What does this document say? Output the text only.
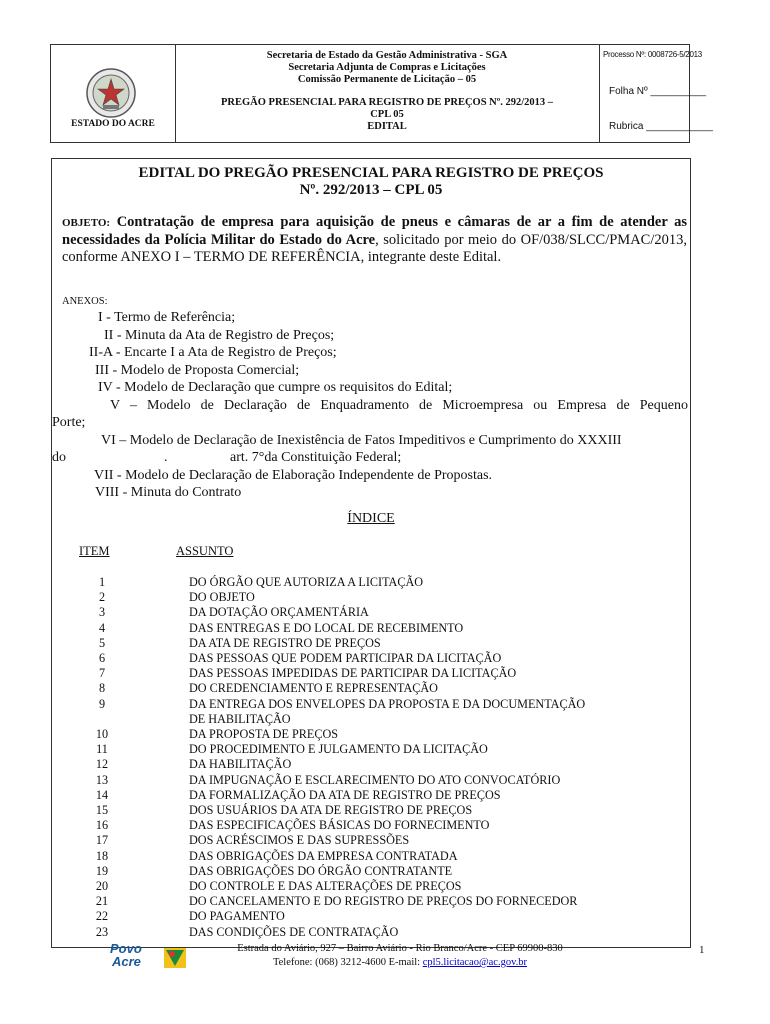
ESTADO DO ACRE
Secretaria de Estado da Gestão Administrativa - SGA
Secretaria Adjunta de Compras e Licitações
Comissão Permanente de Licitação – 05
PREGÃO PRESENCIAL PARA REGISTRO DE PREÇOS Nº. 292/2013 –
CPL 05
EDITAL
Processo Nº: 0008726-5/2013
Folha Nº __________
Rubrica ____________
EDITAL DO PREGÃO PRESENCIAL PARA REGISTRO DE PREÇOS
Nº. 292/2013 – CPL 05
OBJETO: Contratação de empresa para aquisição de pneus e câmaras de ar a fim de atender as necessidades da Polícia Militar do Estado do Acre, solicitado por meio do OF/038/SLCC/PMAC/2013, conforme ANEXO I – TERMO DE REFERÊNCIA, integrante deste Edital.
ANEXOS:
I - Termo de Referência;
II - Minuta da Ata de Registro de Preços;
II-A - Encarte I a Ata de Registro de Preços;
III - Modelo de Proposta Comercial;
IV - Modelo de Declaração que cumpre os requisitos do Edital;
V – Modelo de Declaração de Enquadramento de Microempresa ou Empresa de Pequeno
Porte;
VI – Modelo de Declaração de Inexistência de Fatos Impeditivos e Cumprimento do XXXIII
do	.	art. 7°da Constituição Federal;
VII - Modelo de Declaração de Elaboração Independente de Propostas.
VIII - Minuta do Contrato
ÍNDICE
ITEM	ASSUNTO
1	DO ÓRGÃO QUE AUTORIZA A LICITAÇÃO
2	DO OBJETO
3	DA DOTAÇÃO ORÇAMENTÁRIA
4	DAS ENTREGAS E DO LOCAL DE RECEBIMENTO
5	DA ATA DE REGISTRO DE PREÇOS
6	DAS PESSOAS QUE PODEM PARTICIPAR DA LICITAÇÃO
7	DAS PESSOAS IMPEDIDAS DE PARTICIPAR DA LICITAÇÃO
8	DO CREDENCIAMENTO E REPRESENTAÇÃO
9	DA ENTREGA DOS ENVELOPES DA PROPOSTA E DA DOCUMENTAÇÃO
DE HABILITAÇÃO
10	DA PROPOSTA DE PREÇOS
11	DO PROCEDIMENTO E JULGAMENTO DA LICITAÇÃO
12	DA HABILITAÇÃO
13	DA IMPUGNAÇÃO E ESCLARECIMENTO DO ATO CONVOCATÓRIO
14	DA FORMALIZAÇÃO DA ATA DE REGISTRO DE PREÇOS
15	DOS USUÁRIOS DA ATA DE REGISTRO DE PREÇOS
16	DAS ESPECIFICAÇÕES BÁSICAS DO FORNECIMENTO
17	DOS ACRÉSCIMOS E DAS SUPRESSÕES
18	DAS OBRIGAÇÕES DA EMPRESA CONTRATADA
19	DAS OBRIGAÇÕES DO ÓRGÃO CONTRATANTE
20	DO CONTROLE E DAS ALTERAÇÕES DE PREÇOS
21	DO CANCELAMENTO E DO REGISTRO DE PREÇOS DO FORNECEDOR
22	DO PAGAMENTO
23	DAS CONDIÇÕES DE CONTRATAÇÃO
Povo
Acre
Estrada do Aviário, 927 – Bairro Aviário - Rio Branco/Acre - CEP 69900-830
Telefone: (068) 3212-4600 E-mail: cpl5.licitacao@ac.gov.br
1
